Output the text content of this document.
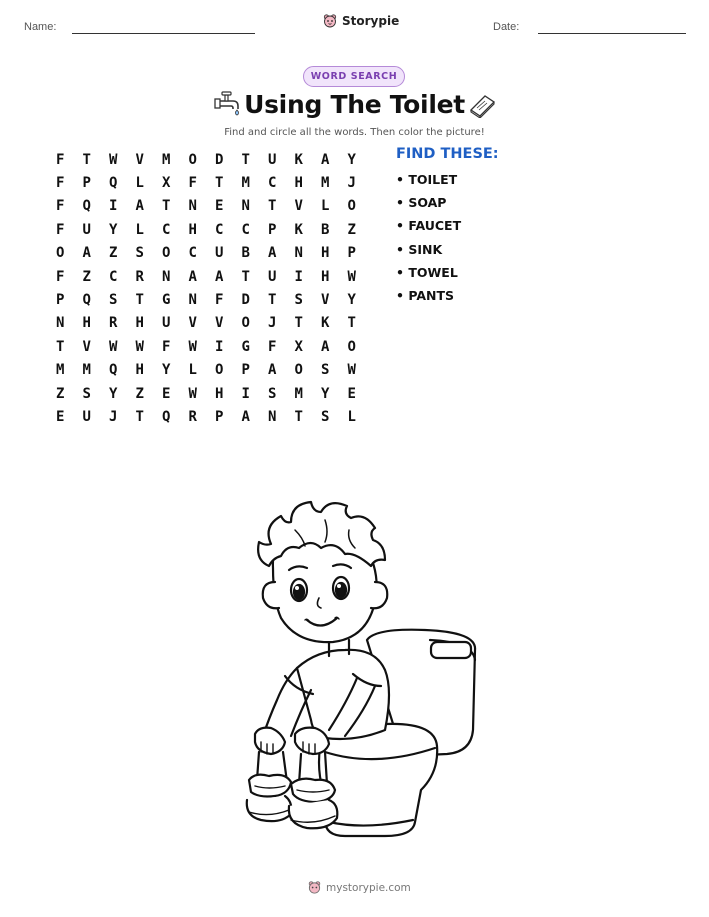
Name:	Storypie	Date:
WORD SEARCH
Using The Toilet
Find and circle all the words. Then color the picture!
F	T	W	V	M	O	D	T	U	K	A	Y
F	P	Q	L	X	F	T	M	C	H	M	J
F	Q	I	A	T	N	E	N	T	V	L	O
F	U	Y	L	C	H	C	C	P	K	B	Z
O	A	Z	S	O	C	U	B	A	N	H	P
F	Z	C	R	N	A	A	T	U	I	H	W
P	Q	S	T	G	N	F	D	T	S	V	Y
N	H	R	H	U	V	V	O	J	T	K	T
T	V	W	W	F	W	I	G	F	X	A	O
M	M	Q	H	Y	L	O	P	A	O	S	W
Z	S	Y	Z	E	W	H	I	S	M	Y	E
E	U	J	T	Q	R	P	A	N	T	S	L
FIND THESE:
• TOILET
• SOAP
• FAUCET
• SINK
• TOWEL
• PANTS
mystorypie.com
